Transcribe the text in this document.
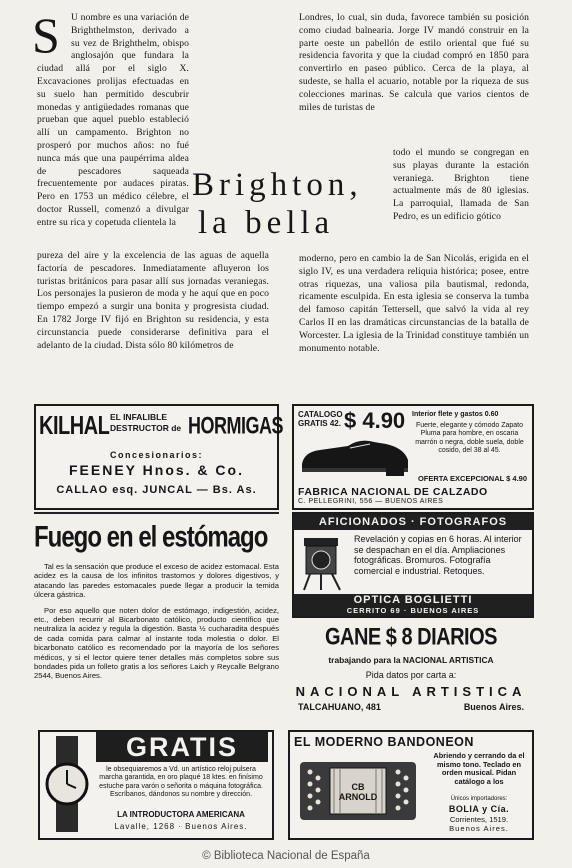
S	U nombre es una variación de Brighthelmston, derivado a su vez de Brighthelm, obispo anglosajón que fundara la ciudad allá por el siglo X. Excavaciones prolijas efectuadas en su suelo han permitido descubrir monedas y antigüedades romanas que prueban que aquel pueblo estableció allí un campamento. Brighton no prosperó por muchos años: no fué nunca más que una paupérrima aldea de pescadores saqueada frecuentemente por audaces piratas. Pero en 1753 un médico célebre, el doctor Russell, comenzó a divulgar entre su rica y copetuda clientela la
pureza del aire y la excelencia de las aguas de aquella factoría de pescadores. Inmediatamente afluyeron los turistas británicos para pasar allí sus jornadas veraniegas. Los personajes la pusieron de moda y he aquí que en poco tiempo empezó a surgir una bonita y progresista ciudad. En 1782 Jorge IV fijó en Brighton su residencia, y esta circunstancia puede considerarse definitiva para el adelanto de la ciudad. Dista sólo 80 kilómetros de
Brighton,
la bella
Londres, lo cual, sin duda, favorece también su posición como ciudad balnearia. Jorge IV mandó construir en la parte oeste un pabellón de estilo oriental que fué su residencia favorita y que la ciudad compró en 1850 para convertirlo en paseo público. Cerca de la playa, al sudeste, se halla el acuario, notable por la riqueza de sus colecciones marinas. Se calcula que varios cientos de miles de turistas de
todo el mundo se congregan en sus playas durante la estación veraniega. Brighton tiene actualmente más de 80 iglesias. La parroquial, llamada de San Pedro, es un edificio gótico
moderno, pero en cambio la de San Nicolás, erigida en el siglo IV, es una verdadera reliquia histórica; posee, entre otras riquezas, una valiosa pila bautismal, redonda, ricamente esculpida. En esta iglesia se conserva la tumba del famoso capitán Tettersell, que salvó la vida al rey Carlos II en las dramáticas circunstancias de la batalla de Worcester. La iglesia de la Trinidad constituye también un monumento notable.
KILHAL EL INFALIBLE
DESTRUCTOR de HORMIGAS
Concesionarios:
FEENEY Hnos. & Co.
CALLAO esq. JUNCAL — Bs. As.
Fuego en el estómago
Tal es la sensación que produce el exceso de acidez estomacal. Esta acidez es la causa de los infinitos trastornos y dolores digestivos, y atacando las paredes estomacales puede llegar a producir la temida úlcera gástrica.
Por eso aquello que noten dolor de estómago, indigestión, acidez, etc., deben recurrir al Bicarbonato católico, producto científico que neutraliza la acidez y regula la digestión. Basta ½ cucharadita después de cada comida para calmar al instante toda molestia o dolor. El bicarbonato católico es recomendado por la mayoría de los señores médicos, y si el lector quiere tener detalles más completos sobre sus bondades pida un folleto gratis a los señores Laich y Reycalle Belgrano 2544, Buenos Aires.
CATALOGO
GRATIS 42. $ 4.90 Interior flete y gastos 0.60
Fuerte, elegante y cómodo Zapato Pluma para hombre, en oscaria marrón o negra, doble suela, doble cosido, del 38 al 45.
OFERTA EXCEPCIONAL $ 4.90
FABRICA NACIONAL DE CALZADO
C. PELLEGRINI, 556 — BUENOS AIRES
AFICIONADOS · FOTOGRAFOS
Revelación y copias en 6 horas. Al interior se despachan en el día. Ampliaciones fotográficas. Bromuros. Fotografía comercial e industrial. Retoques.
OPTICA BOGLIETTI
CERRITO 69 · BUENOS AIRES
GANE $ 8 DIARIOS
trabajando para la NACIONAL ARTISTICA
Pida datos por carta a:
NACIONAL ARTISTICA
TALCAHUANO, 481	Buenos Aires.
GRATIS
le obsequiaremos a Vd. un artístico reloj pulsera marcha garantida, en oro plaqué 18 ktes. en finísimo estuche para varón o señorita o máquina fotográfica. Escríbanos, dándonos su nombre y dirección.
LA INTRODUCTORA AMERICANA
Lavalle, 1268 · Buenos Aires.
EL MODERNO BANDONEON
CB ARNOLD
Abriendo y cerrando da el mismo tono. Teclado en orden musical. Pidan catálogo a los
Únicos importadores:
BOLIA y Cía.
Corrientes, 1519.
Buenos Aires.
© Biblioteca Nacional de España
